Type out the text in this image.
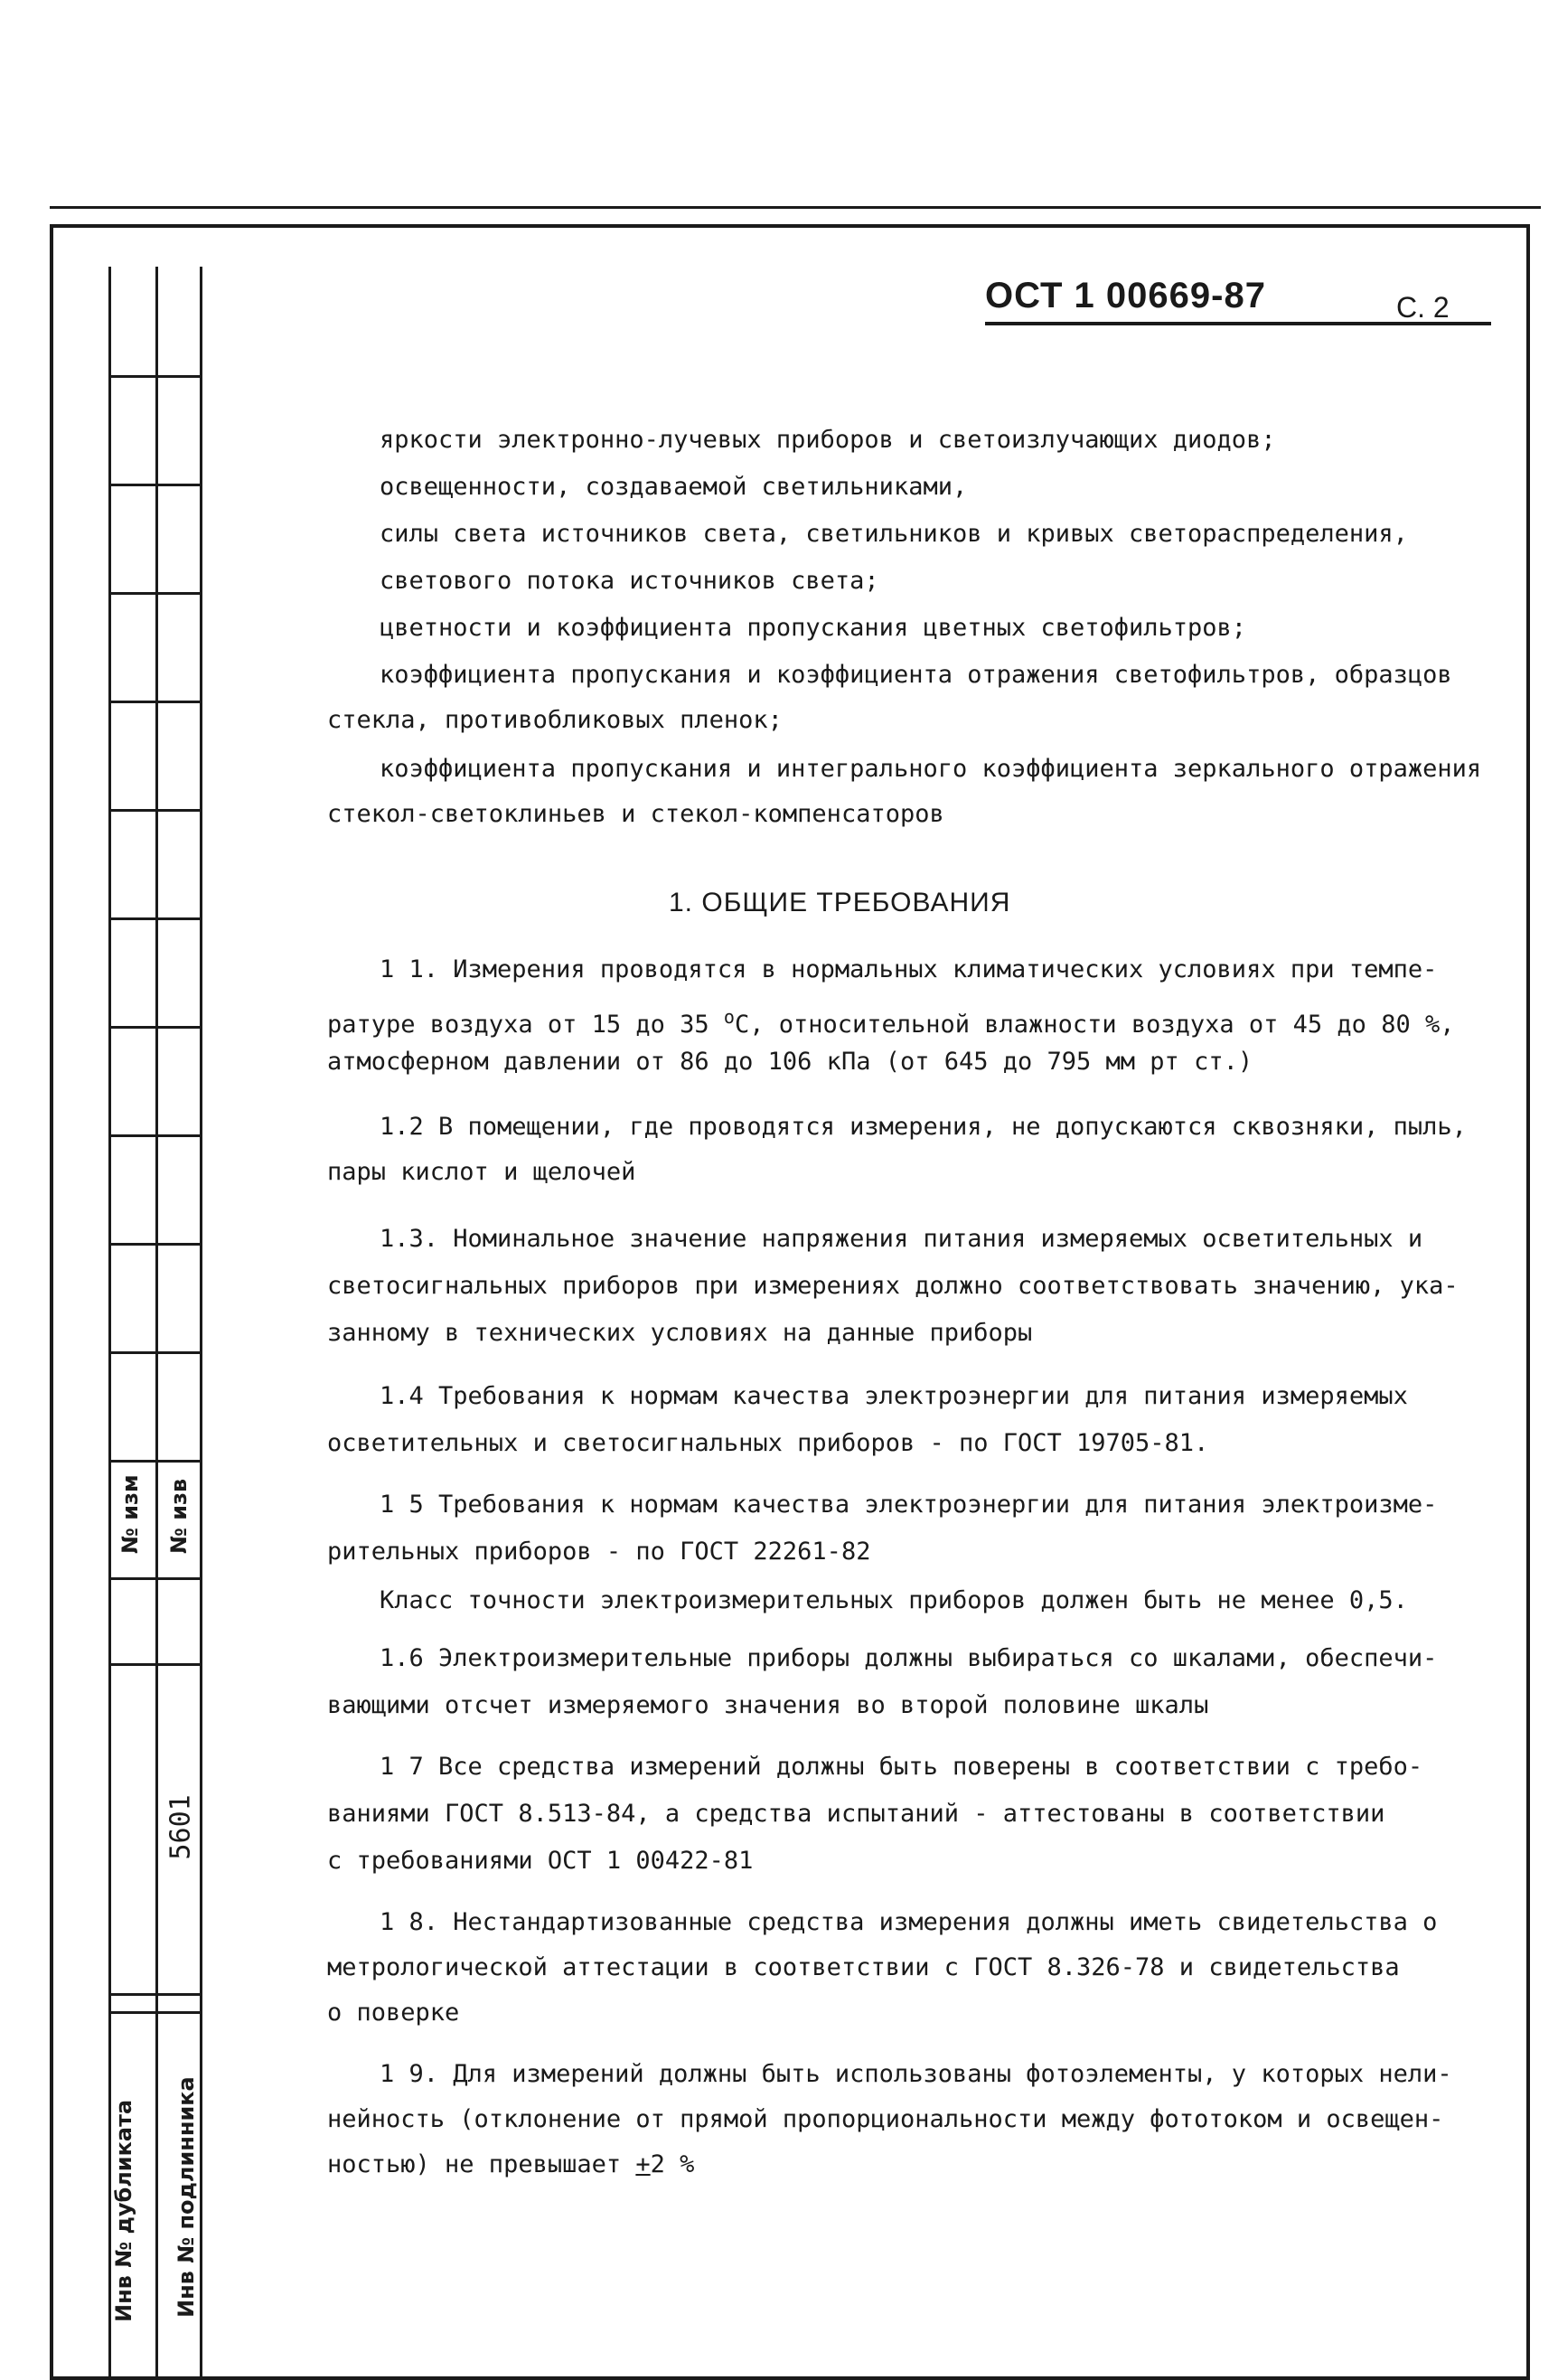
№ изм № изв
5601
Инв № дубликата Инв № подлинника
ОСТ 1 00669-87	С. 2
яркости электронно-лучевых приборов и светоизлучающих диодов;
освещенности, создаваемой светильниками,
силы света источников света, светильников и кривых светораспределения,
светового потока источников света;
цветности и коэффициента пропускания цветных светофильтров;
коэффициента пропускания и коэффициента отражения светофильтров, образцов
стекла, противобликовых пленок;
коэффициента пропускания и интегрального коэффициента зеркального отражения
стекол-светоклиньев и стекол-компенсаторов
1. ОБЩИЕ ТРЕБОВАНИЯ
1 1. Измерения проводятся в нормальных климатических условиях при темпе-
ратуре воздуха от 15 до 35 $^о$С, относительной влажности воздуха от 45 до 80 %,
атмосферном давлении от 86 до 106 кПа (от 645 до 795 мм рт ст.)
1.2 В помещении, где проводятся измерения, не допускаются сквозняки, пыль,
пары кислот и щелочей
1.3. Номинальное значение напряжения питания измеряемых осветительных и
светосигнальных приборов при измерениях должно соответствовать значению, ука-
занному в технических условиях на данные приборы
1.4 Требования к нормам качества электроэнергии для питания измеряемых
осветительных и светосигнальных приборов - по ГОСТ 19705-81.
1 5 Требования к нормам качества электроэнергии для питания электроизме-
рительных приборов - по ГОСТ 22261-82
Класс точности электроизмерительных приборов должен быть не менее 0,5.
1.6 Электроизмерительные приборы должны выбираться со шкалами, обеспечи-
вающими отсчет измеряемого значения во второй половине шкалы
1 7 Все средства измерений должны быть поверены в соответствии с требо-
ваниями ГОСТ 8.513-84, а средства испытаний - аттестованы в соответствии
с требованиями ОСТ 1 00422-81
1 8. Нестандартизованные средства измерения должны иметь свидетельства о
метрологической аттестации в соответствии с ГОСТ 8.326-78 и свидетельства
о поверке
1 9. Для измерений должны быть использованы фотоэлементы, у которых нели-
нейность (отклонение от прямой пропорциональности между фототоком и освещен-
ностью) не превышает +2 %
